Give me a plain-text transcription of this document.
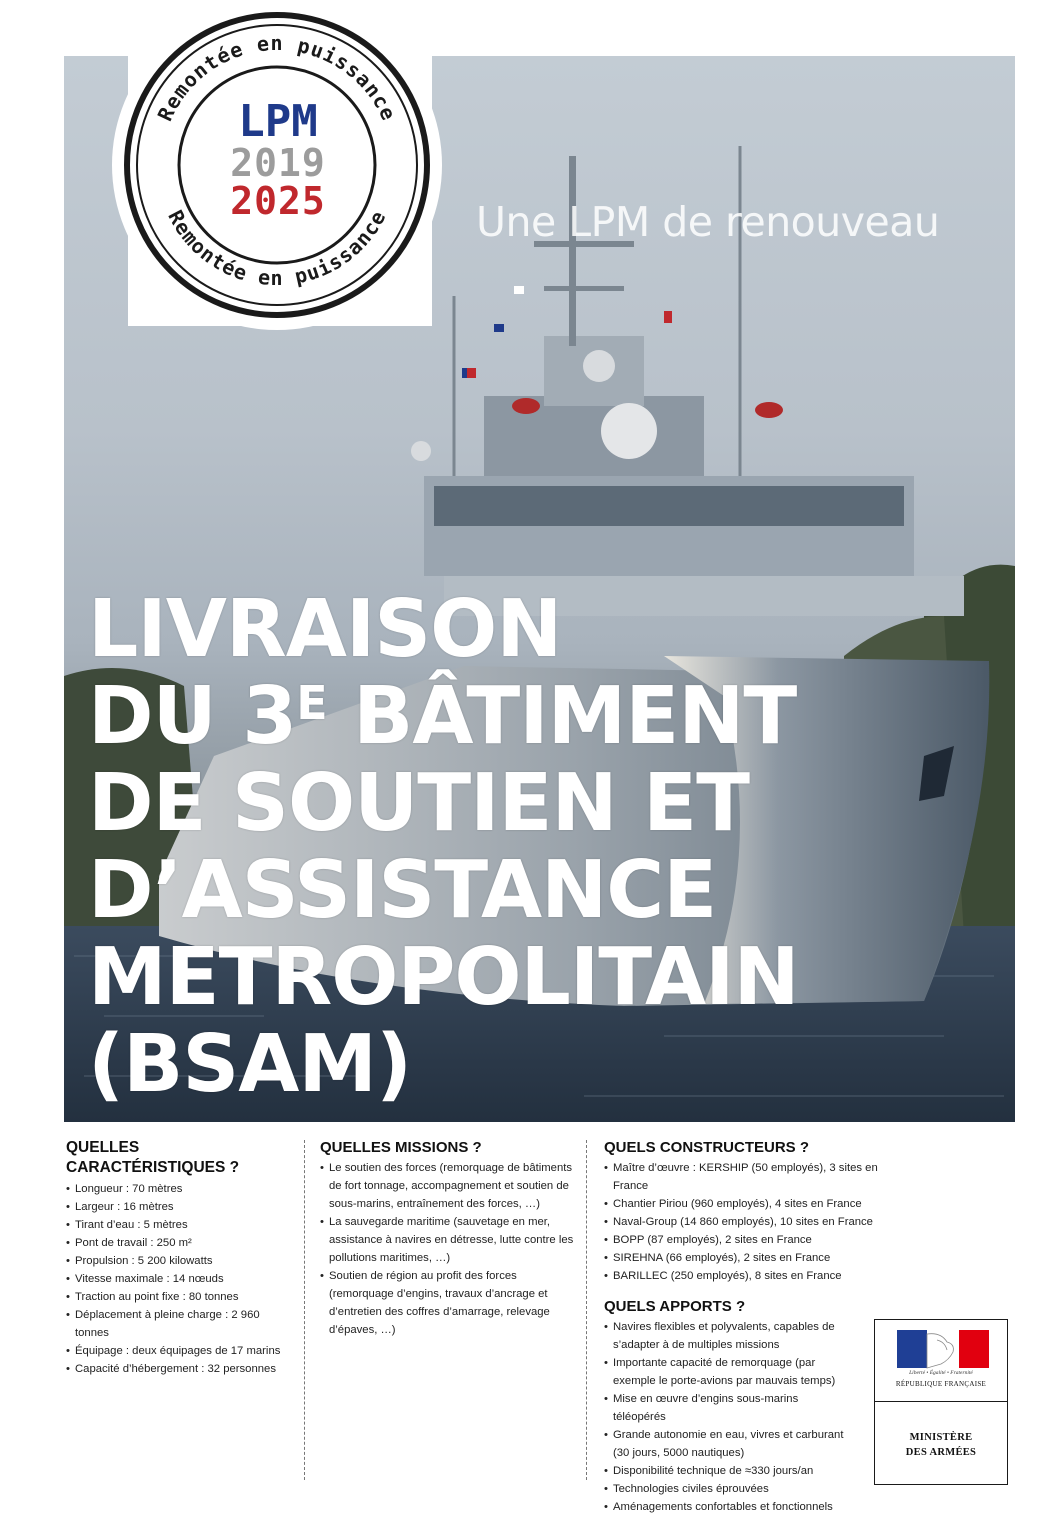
Une LPM de renouveau
LIVRAISON
DU $3^E$ BÂTIMENT
DE SOUTIEN ET
D’ASSISTANCE
METROPOLITAIN
(BSAM)
Remontée en puissance
Remontée en puissance
LPM
2019
2025
QUELLES
CARACTÉRISTIQUES ?
• Longueur : 70 mètres
• Largeur : 16 mètres
• Tirant d’eau : 5 mètres
• Pont de travail : 250 m²
• Propulsion : 5 200 kilowatts
• Vitesse maximale : 14 nœuds
• Traction au point fixe : 80 tonnes
• Déplacement à pleine charge : 2 960 tonnes
• Équipage : deux équipages de 17 marins
• Capacité d’hébergement : 32 personnes
QUELLES MISSIONS ?
• Le soutien des forces (remorquage de bâtiments de fort tonnage, accompagnement et soutien de sous-marins, entraînement des forces, …)
• La sauvegarde maritime (sauvetage en mer, assistance à navires en détresse, lutte contre les pollutions maritimes, …)
• Soutien de région au profit des forces (remorquage d’engins, travaux d’ancrage et d’entretien des coffres d’amarrage, relevage d’épaves, …)
QUELS CONSTRUCTEURS ?
• Maître d’œuvre : KERSHIP (50 employés), 3 sites en France
• Chantier Piriou (960 employés), 4 sites en France
• Naval-Group (14 860 employés), 10 sites en France
• BOPP (87 employés), 2 sites en France
• SIREHNA (66 employés), 2 sites en France
• BARILLEC (250 employés), 8 sites en France
QUELS APPORTS ?
• Navires flexibles et polyvalents, capables de s’adapter à de multiples missions
• Importante capacité de remorquage (par exemple le porte-avions par mauvais temps)
• Mise en œuvre d’engins sous-marins téléopérés
• Grande autonomie en eau, vivres et carburant (30 jours, 5000 nautiques)
• Disponibilité technique de ≈330 jours/an
• Technologies civiles éprouvées
• Aménagements confortables et fonctionnels
Liberté • Égalité • Fraternité
RÉPUBLIQUE FRANÇAISE
MINISTÈRE
DES ARMÉES
